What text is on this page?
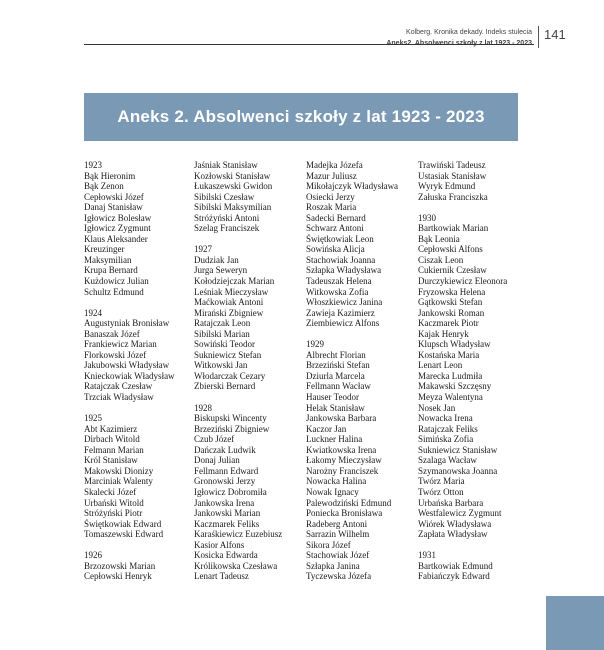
Kolberg. Kronika dekady. Indeks stulecia 141
Aneks 2. Absolwenci szkoły z lat 1923 - 2023
1923
Bąk Hieronim
Bąk Zenon
Cepłowski Józef
Danaj Stanisław
Igłowicz Bolesław
Igłowicz Zygmunt
Klaus Aleksander
Kreuzinger
Maksymilian
Krupa Bernard
Kużdowicz Julian
Schultz Edmund
1924
Augustyniak Bronisław
Banaszak Józef
Frankiewicz Marian
Florkowski Józef
Jakubowski Władysław
Knieckowiak Władysław
Ratajczak Czesław
Trzciak Władysław
1925
Abt Kazimierz
Dirbach Witold
Felmann Marian
Król Stanisław
Makowski Dionizy
Marciniak Walenty
Skalecki Józef
Urbański Witold
Stróżyński Piotr
Świętkowiak Edward
Tomaszewski Edward
1926
Brzozowski Marian
Cepłowski Henryk
Jaśniak Stanisław
Kozłowski Stanisław
Łukaszewski Gwidon
Sibilski Czesław
Sibilski Maksymilian
Stróżyński Antoni
Szelag Franciszek
1927
Dudziak Jan
Jurga Seweryn
Kołodziejczak Marian
Leśniak Mieczysław
Maćkowiak Antoni
Mirański Zbigniew
Ratajczak Leon
Sibilski Marian
Sowiński Teodor
Sukniewicz Stefan
Witkowski Jan
Włodarczak Cezary
Zbierski Bernard
1928
Biskupski Wincenty
Brzeziński Zbigniew
Czub Józef
Dańczak Ludwik
Donaj Julian
Fellmann Edward
Gronowski Jerzy
Igłowicz Dobromiła
Jankowska Irena
Jankowski Marian
Kaczmarek Feliks
Karaśkiewicz Euzebiusz
Kasior Alfons
Kosicka Edwarda
Królikowska Czesława
Lenart Tadeusz
Madejka Józefa
Mazur Juliusz
Mikołajczyk Władysława
Osiecki Jerzy
Roszak Maria
Sadecki Bernard
Schwarz Antoni
Świętkowiak Leon
Sowińska Alicja
Stachowiak Joanna
Szłapka Władysława
Tadeuszak Helena
Witkowska Zofia
Włoszkiewicz Janina
Zawieja Kazimierz
Ziembiewicz Alfons
1929
Albrecht Florian
Brzeziński Stefan
Dziurla Marcela
Fellmann Wacław
Hauser Teodor
Helak Stanisław
Jankowska Barbara
Kaczor Jan
Luckner Halina
Kwiatkowska Irena
Łakomy Mieczysław
Narożny Franciszek
Nowacka Halina
Nowak Ignacy
Palewodziński Edmund
Poniecka Bronisława
Radeberg Antoni
Sarrazin Wilhelm
Sikora Józef
Stachowiak Józef
Szłapka Janina
Tyczewska Józefa
Trawiński Tadeusz
Ustasiak Stanisław
Wyryk Edmund
Załuska Franciszka
1930
Bartkowiak Marian
Bąk Leonia
Cepłowski Alfons
Ciszak Leon
Cukiernik Czesław
Durczykiewicz Eleonora
Fryzowska Helena
Gątkowski Stefan
Jankowski Roman
Kaczmarek Piotr
Kajak Henryk
Klupsch Władysław
Kostańska Maria
Lenart Leon
Marecka Ludmiła
Makawski Szczęsny
Meyza Walentyna
Nosek Jan
Nowacka Irena
Ratajczak Feliks
Simińska Zofia
Sukniewicz Stanisław
Szalaga Wacław
Szymanowska Joanna
Twórz Maria
Twórz Otton
Urbańska Barbara
Westfalewicz Zygmunt
Wiórek Władysława
Zapłata Władysław
1931
Bartkowiak Edmund
Fabiańczyk Edward
